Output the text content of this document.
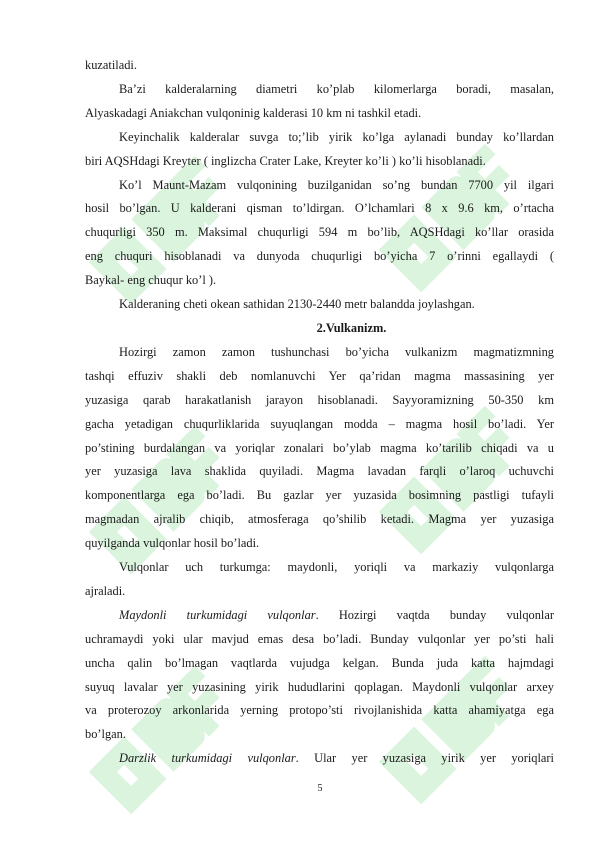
kuzatiladi.

Ba’zi kalderalarning diametri ko’plab kilomerlarga boradi, masalan,

Alyaskadagi Aniakchan vulqoninig kalderasi 10 km ni tashkil etadi.

Keyinchalik kalderalar suvga to;’lib yirik ko’lga aylanadi bunday ko’llardan

biri AQSHdagi Kreyter ( inglizcha Crater Lake, Kreyter ko’li ) ko’li hisoblanadi.

Ko’l Maunt-Mazam vulqonining buzilganidan so’ng bundan 7700 yil ilgari

hosil bo’lgan. U kalderani qisman to’ldirgan. O’lchamlari 8 x 9.6 km, o’rtacha

chuqurligi 350 m. Maksimal chuqurligi 594 m bo’lib, AQSHdagi ko’llar orasida

eng chuquri hisoblanadi va dunyoda chuqurligi bo’yicha 7 o’rinni egallaydi (

Baykal- eng chuqur ko’l ).

Kalderaning cheti okean sathidan 2130-2440 metr balandda joylashgan.

2.Vulkanizm.

Hozirgi zamon zamon tushunchasi bo’yicha vulkanizm magmatizmning

tashqi effuziv shakli deb nomlanuvchi Yer qa’ridan magma massasining yer

yuzasiga qarab harakatlanish jarayon hisoblanadi. Sayyoramizning 50-350 km

gacha yetadigan chuqurliklarida suyuqlangan modda – magma hosil bo’ladi. Yer

po’stining burdalangan va yoriqlar zonalari bo’ylab magma ko’tarilib chiqadi va u

yer yuzasiga lava shaklida quyiladi. Magma lavadan farqli o’laroq uchuvchi

komponentlarga ega bo’ladi. Bu gazlar yer yuzasida bosimning pastligi tufayli

magmadan ajralib chiqib, atmosferaga qo’shilib ketadi. Magma yer yuzasiga

quyilganda vulqonlar hosil bo’ladi.

Vulqonlar uch turkumga: maydonli, yoriqli va markaziy vulqonlarga

ajraladi.

Maydonli turkumidagi vulqonlar. Hozirgi vaqtda bunday vulqonlar

uchramaydi yoki ular mavjud emas desa bo’ladi. Bunday vulqonlar yer po’sti hali

uncha qalin bo’lmagan vaqtlarda vujudga kelgan. Bunda juda katta hajmdagi

suyuq lavalar yer yuzasining yirik hududlarini qoplagan. Maydonli vulqonlar arxey

va proterozoy arkonlarida yerning protopo’sti rivojlanishida katta ahamiyatga ega

bo’lgan.

Darzlik turkumidagi vulqonlar. Ular yer yuzasiga yirik yer yoriqlari

5
